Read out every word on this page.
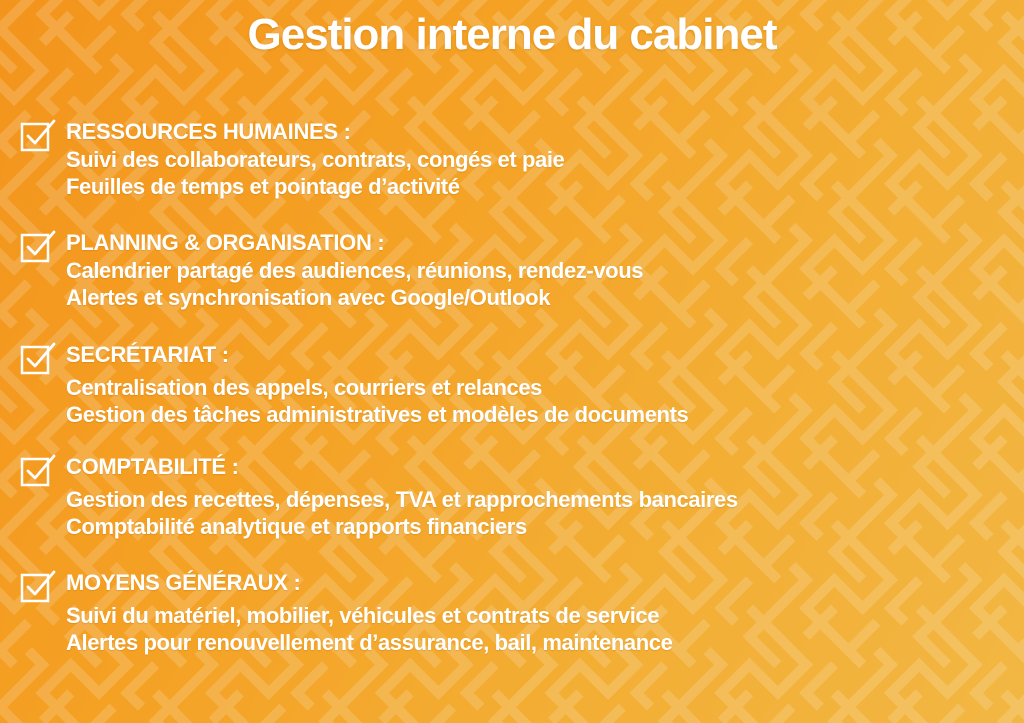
Gestion interne du cabinet
RESSOURCES HUMAINES :
Suivi des collaborateurs, contrats, congés et paie
Feuilles de temps et pointage d’activité
PLANNING & ORGANISATION :
Calendrier partagé des audiences, réunions, rendez-vous
Alertes et synchronisation avec Google/Outlook
SECRÉTARIAT :
Centralisation des appels, courriers et relances
Gestion des tâches administratives et modèles de documents
COMPTABILITÉ :
Gestion des recettes, dépenses, TVA et rapprochements bancaires
Comptabilité analytique et rapports financiers
MOYENS GÉNÉRAUX :
Suivi du matériel, mobilier, véhicules et contrats de service
Alertes pour renouvellement d’assurance, bail, maintenance
